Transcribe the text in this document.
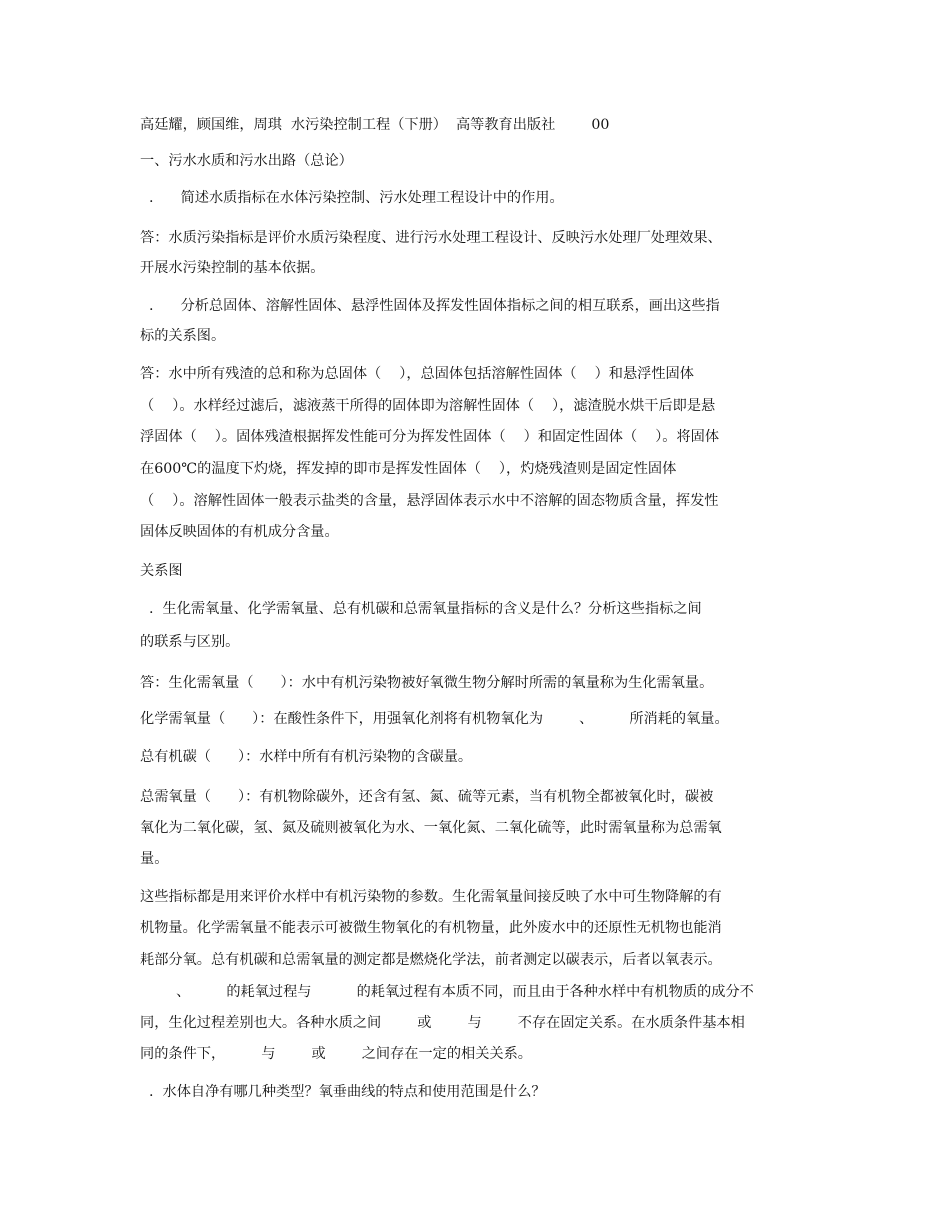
高廷耀，顾国维，周琪  水污染控制工程（下册）  高等教育出版社        00
一、污水水质和污水出路（总论）
.      简述水质指标在水体污染控制、污水处理工程设计中的作用。
答：水质污染指标是评价水质污染程度、进行污水处理工程设计、反映污水处理厂处理效果、
开展水污染控制的基本依据。
.      分析总固体、溶解性固体、悬浮性固体及挥发性固体指标之间的相互联系，画出这些指
标的关系图。
答：水中所有残渣的总和称为总固体（    ），总固体包括溶解性固体（    ）和悬浮性固体
（    ）。水样经过滤后，滤液蒸干所得的固体即为溶解性固体（    ），滤渣脱水烘干后即是悬
浮固体（    ）。固体残渣根据挥发性能可分为挥发性固体（    ）和固定性固体（    ）。将固体
在600℃的温度下灼烧，挥发掉的即市是挥发性固体（    ），灼烧残渣则是固定性固体
（    ）。溶解性固体一般表示盐类的含量，悬浮固体表示水中不溶解的固态物质含量，挥发性
固体反映固体的有机成分含量。
关系图
.  生化需氧量、化学需氧量、总有机碳和总需氧量指标的含义是什么？分析这些指标之间
的联系与区别。
答：生化需氧量（      ）：水中有机污染物被好氧微生物分解时所需的氧量称为生化需氧量。
化学需氧量（      ）：在酸性条件下，用强氧化剂将有机物氧化为        、        所消耗的氧量。
总有机碳（      ）：水样中所有有机污染物的含碳量。
总需氧量（      ）：有机物除碳外，还含有氢、氮、硫等元素，当有机物全都被氧化时，碳被
氧化为二氧化碳，氢、氮及硫则被氧化为水、一氧化氮、二氧化硫等，此时需氧量称为总需氧
量。
这些指标都是用来评价水样中有机污染物的参数。生化需氧量间接反映了水中可生物降解的有
机物量。化学需氧量不能表示可被微生物氧化的有机物量，此外废水中的还原性无机物也能消
耗部分氧。总有机碳和总需氧量的测定都是燃烧化学法，前者测定以碳表示，后者以氧表示。
、        的耗氧过程与          的耗氧过程有本质不同，而且由于各种水样中有机物质的成分不
同，生化过程差别也大。各种水质之间        或        与        不存在固定关系。在水质条件基本相
同的条件下，        与        或        之间存在一定的相关关系。
.  水体自净有哪几种类型？氧垂曲线的特点和使用范围是什么？
